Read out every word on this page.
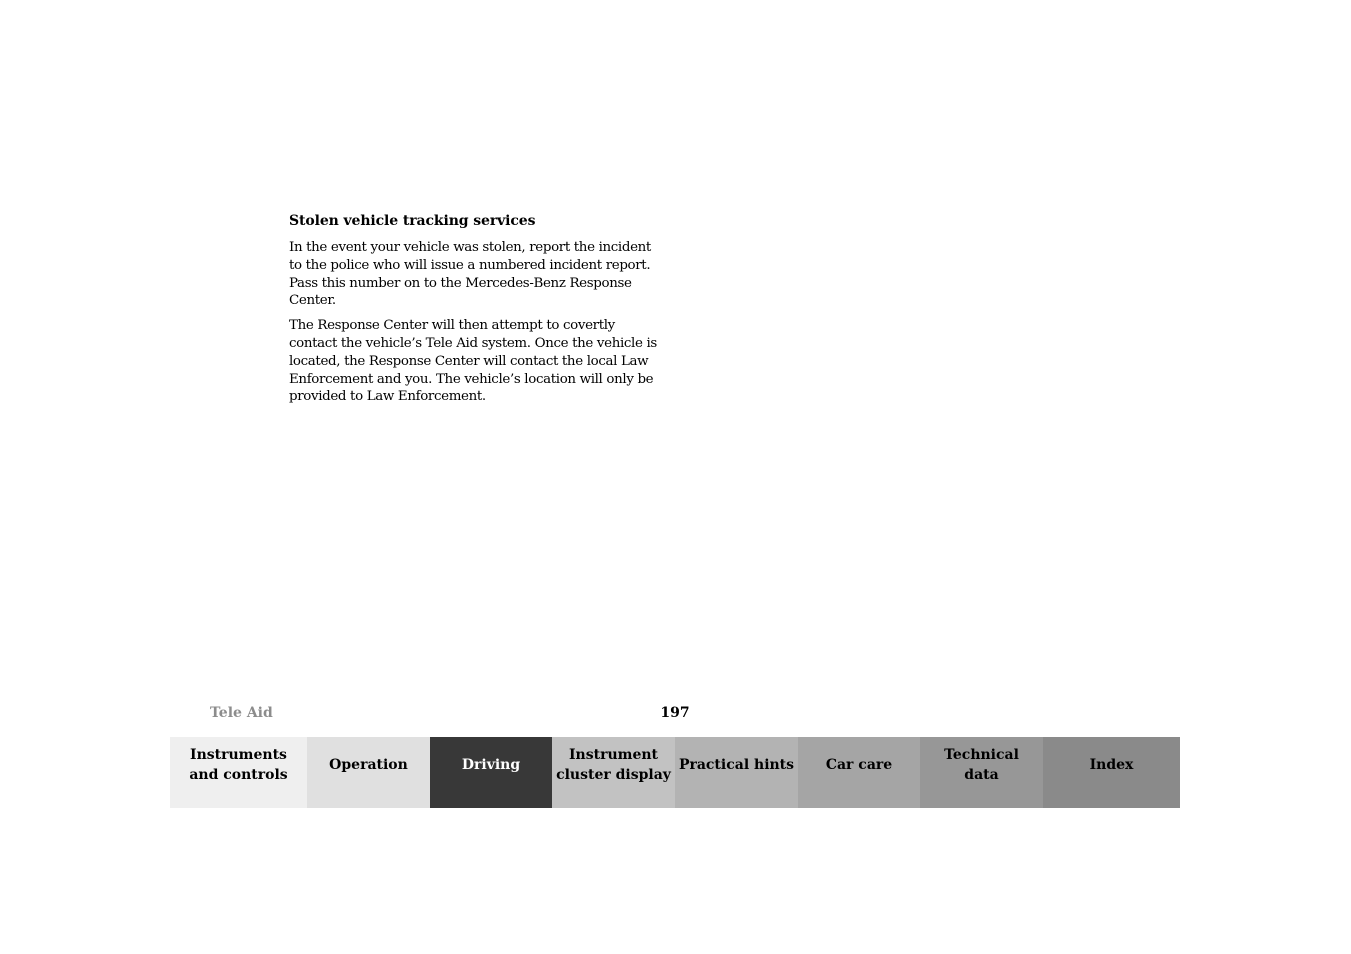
Stolen vehicle tracking services

In the event your vehicle was stolen, report the incident to the police who will issue a numbered incident report. Pass this number on to the Mercedes-Benz Response Center.

The Response Center will then attempt to covertly contact the vehicle’s Tele Aid system. Once the vehicle is located, the Response Center will contact the local Law Enforcement and you. The vehicle’s location will only be provided to Law Enforcement.

Tele Aid	197
Instruments
and controls
Operation	Driving
Instrument
cluster display
Practical hints Car care
Technical
data
Index
